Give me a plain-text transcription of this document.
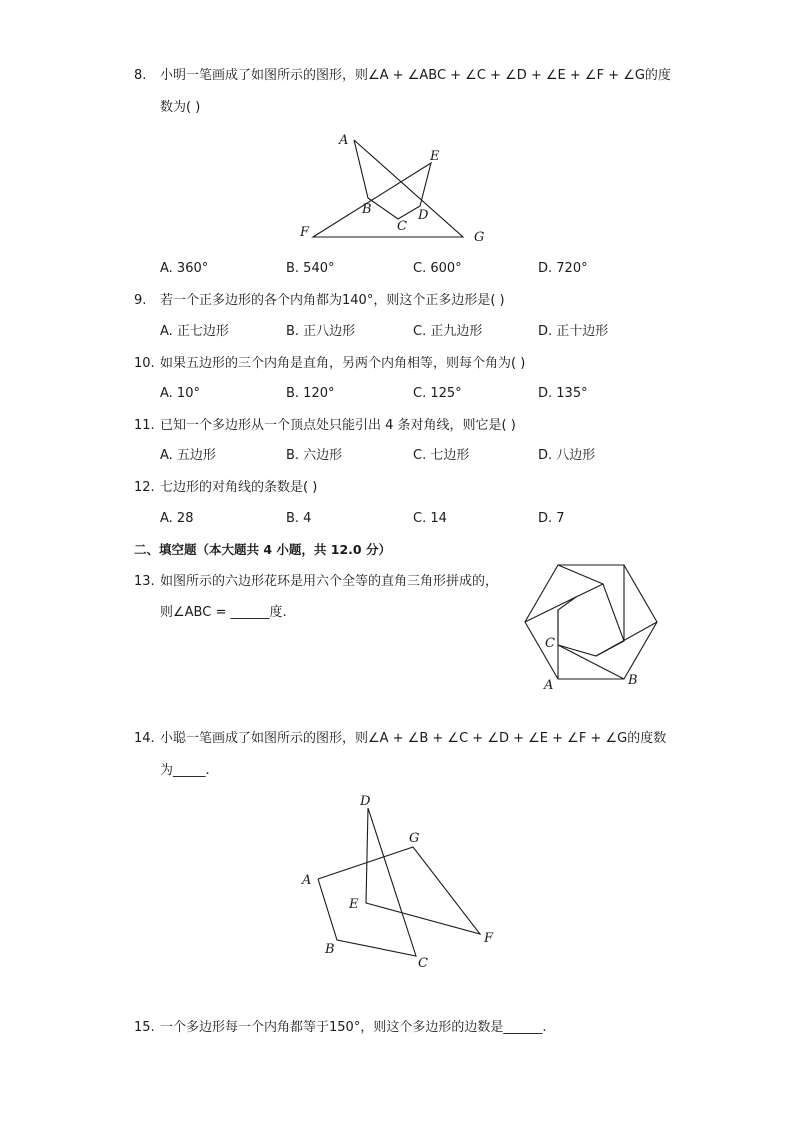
8. 小明一笔画成了如图所示的图形，则∠A + ∠ABC + ∠C + ∠D + ∠E + ∠F + ∠G的度
数为( )
A
E
B	D
C
F	G
A. 360°	B. 540°	C. 600°	D. 720°
9. 若一个正多边形的各个内角都为140°，则这个正多边形是( )
A. 正七边形	B. 正八边形	C. 正九边形	D. 正十边形
10. 如果五边形的三个内角是直角，另两个内角相等，则每个角为( )
A. 10°	B. 120°	C. 125°	D. 135°
11. 已知一个多边形从一个顶点处只能引出 4 条对角线，则它是( )
A. 五边形	B. 六边形	C. 七边形	D. 八边形
12. 七边形的对角线的条数是( )
A. 28	B. 4	C. 14	D. 7
二、填空题（本大题共 4 小题，共 12.0 分）
13. 如图所示的六边形花环是用六个全等的直角三角形拼成的，
则∠ABC = ______度.
C
A	B
14. 小聪一笔画成了如图所示的图形，则∠A + ∠B + ∠C + ∠D + ∠E + ∠F + ∠G的度数
为_____.
D
G
A
E
F
B
C
15. 一个多边形每一个内角都等于150°，则这个多边形的边数是______.
